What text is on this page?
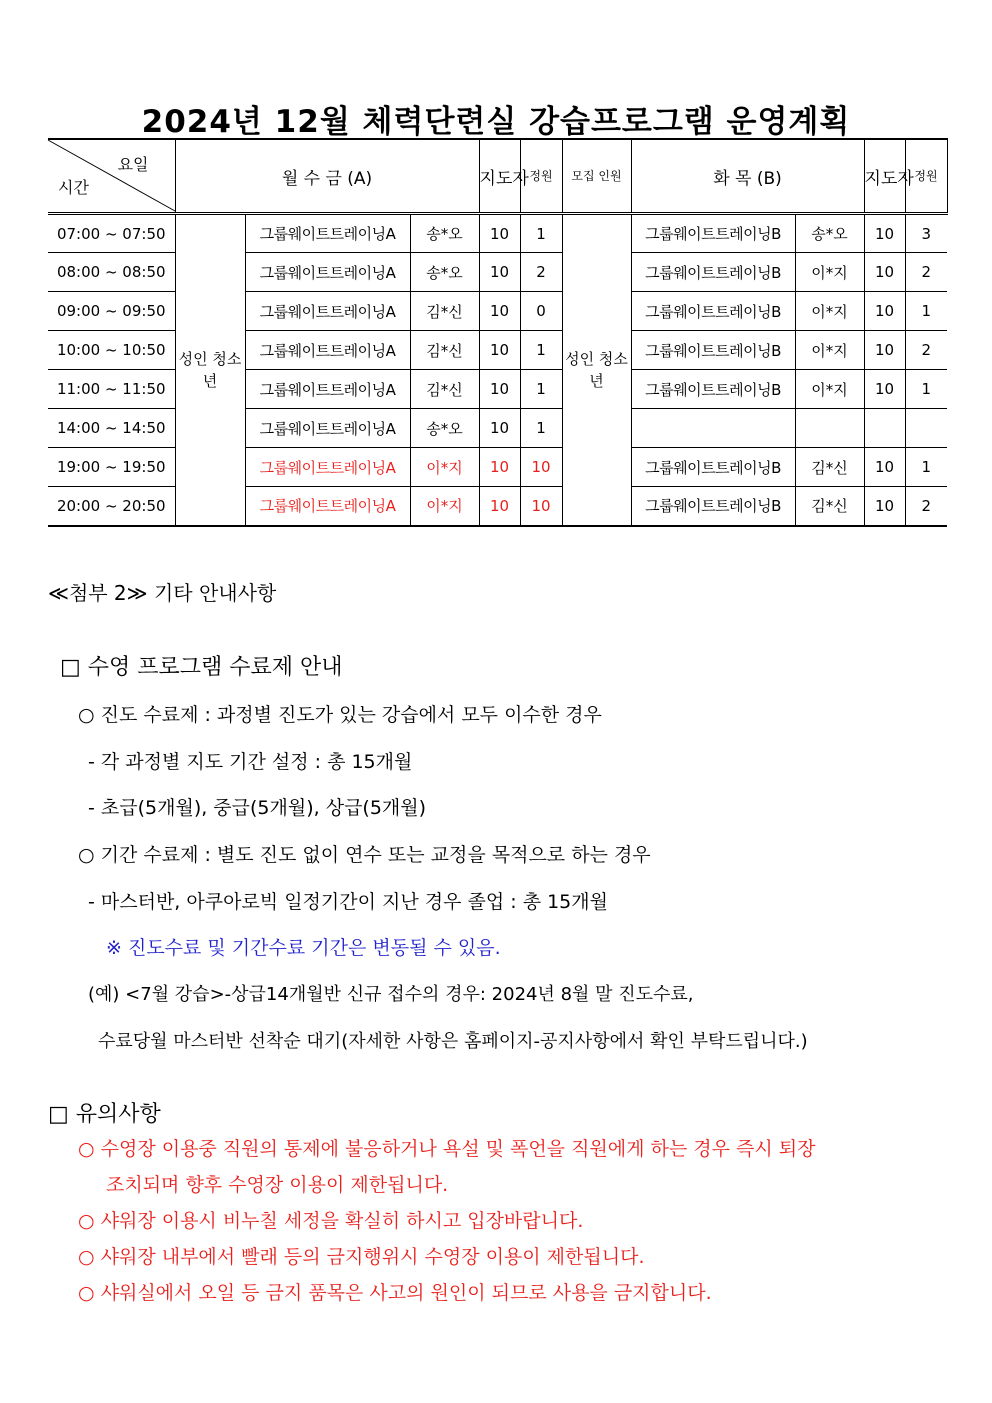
2024년 12월 체력단련실 강습프로그램 운영계획
요일
시간	월 수 금 (A)			지도자	정원	모집 인원	화 목 (B)		지도자	정원	
07:00 ~ 07:50	성인 청소년	그룹웨이트트레이닝A	송*오	10	1	성인 청소년	그룹웨이트트레이닝B	송*오	10	3	
08:00 ~ 08:50		그룹웨이트트레이닝A	송*오	10	2		그룹웨이트트레이닝B	이*지	10	2	
09:00 ~ 09:50		그룹웨이트트레이닝A	김*신	10	0		그룹웨이트트레이닝B	이*지	10	1	
10:00 ~ 10:50		그룹웨이트트레이닝A	김*신	10	1		그룹웨이트트레이닝B	이*지	10	2	
11:00 ~ 11:50		그룹웨이트트레이닝A	김*신	10	1		그룹웨이트트레이닝B	이*지	10	1	
14:00 ~ 14:50		그룹웨이트트레이닝A	송*오	10	1						
19:00 ~ 19:50		그룹웨이트트레이닝A	이*지	10	10		그룹웨이트트레이닝B	김*신	10	1	
20:00 ~ 20:50		그룹웨이트트레이닝A	이*지	10	10		그룹웨이트트레이닝B	김*신	10	2	
≪첨부 2≫ 기타 안내사항
□ 수영 프로그램 수료제 안내
○ 진도 수료제 : 과정별 진도가 있는 강습에서 모두 이수한 경우
- 각 과정별 지도 기간 설정 : 총 15개월
- 초급(5개월), 중급(5개월), 상급(5개월)
○ 기간 수료제 : 별도 진도 없이 연수 또는 교정을 목적으로 하는 경우
- 마스터반, 아쿠아로빅 일정기간이 지난 경우 졸업 : 총 15개월
※ 진도수료 및 기간수료 기간은 변동될 수 있음.
(예) <7월 강습>-상급14개월반 신규 접수의 경우: 2024년 8월 말 진도수료,
수료당월 마스터반 선착순 대기(자세한 사항은 홈페이지-공지사항에서 확인 부탁드립니다.)
□ 유의사항
○ 수영장 이용중 직원의 통제에 불응하거나 욕설 및 폭언을 직원에게 하는 경우 즉시 퇴장
조치되며 향후 수영장 이용이 제한됩니다.
○ 샤워장 이용시 비누칠 세정을 확실히 하시고 입장바랍니다.
○ 샤워장 내부에서 빨래 등의 금지행위시 수영장 이용이 제한됩니다.
○ 샤워실에서 오일 등 금지 품목은 사고의 원인이 되므로 사용을 금지합니다.
